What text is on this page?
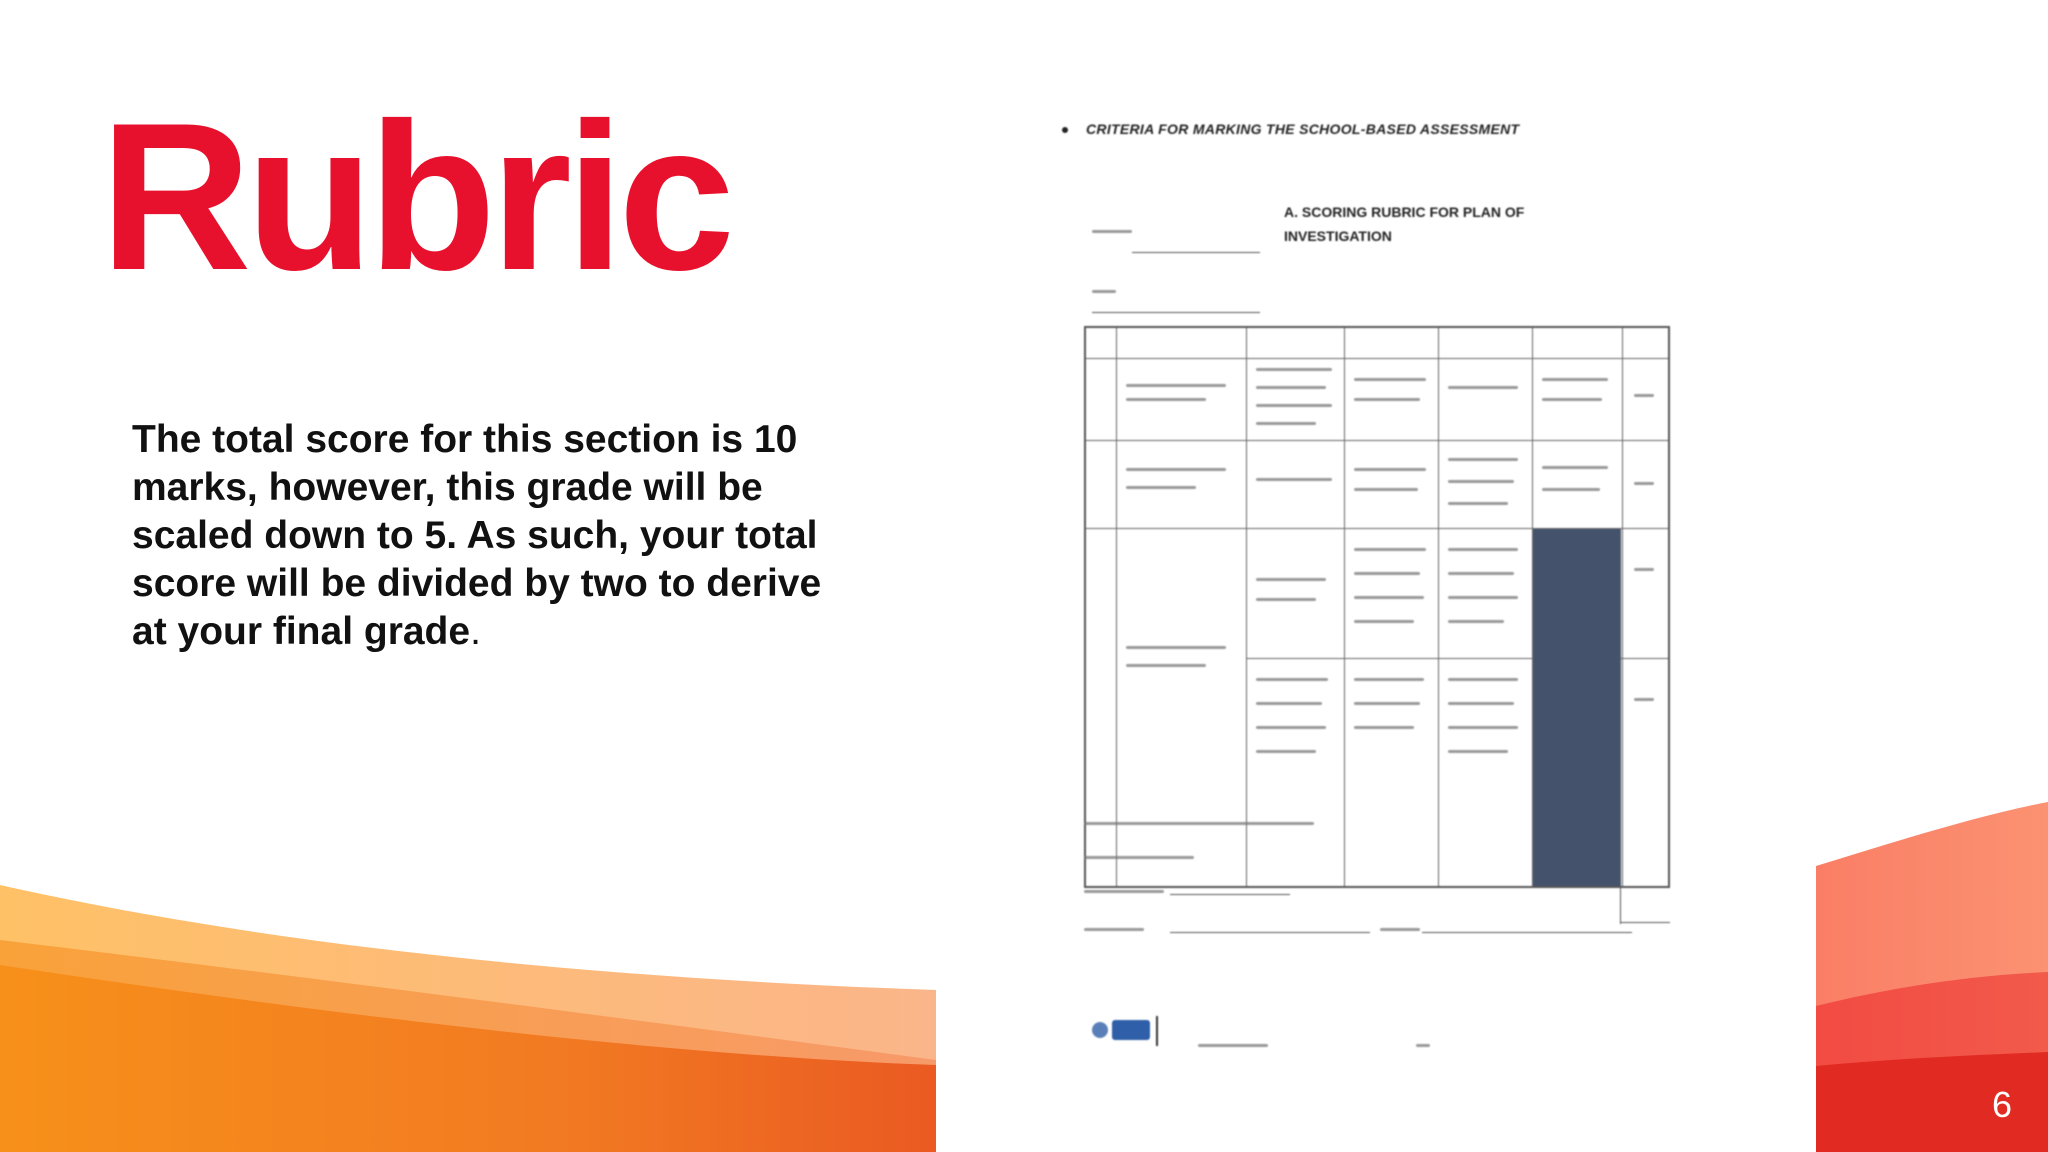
Rubric

The total score for this section is 10 marks, however, this grade will be scaled down to 5. As such, your total score will be divided by two to derive at your final grade.

CRITERIA FOR MARKING THE SCHOOL-BASED ASSESSMENT
A. SCORING RUBRIC FOR PLAN OF INVESTIGATION
6
